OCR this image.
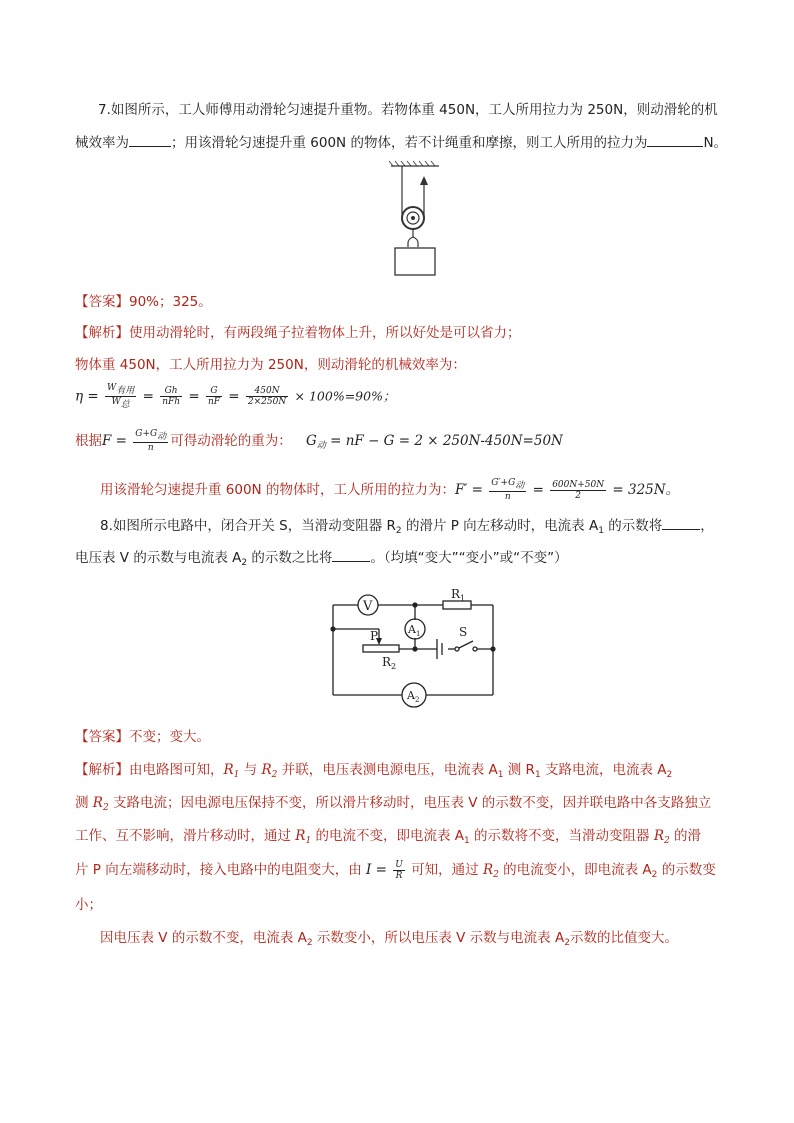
7.如图所示，工人师傅用动滑轮匀速提升重物。若物体重 450N，工人所用拉力为 250N，则动滑轮的机
械效率为	；用该滑轮匀速提升重 600N 的物体，若不计绳重和摩擦，则工人所用的拉力为	N。
【答案】90%；325。
【解析】使用动滑轮时，有两段绳子拉着物体上升，所以好处是可以省力；
物体重 450N，工人所用拉力为 250N，则动滑轮的机械效率为：
$\eta = \frac{\text{W有用}}{\text{W总}} = \frac{Gh}{\text{nFh}} = \frac{G}{nF} = \frac{450N}{2\times 250N} \times 100\%=90\%$；
根据$F = \frac{\text{G+G动}}{n}$ 可得动滑轮的重为： $G_动$ = nF − G = 2 × 250N-450N=50N
用该滑轮匀速提升重 600N 的物体时，工人所用的拉力为：$F' = \frac{\text{G′+G动}}{n} = \frac{600N+50N}{2} = 325N$。
8.如图所示电路中，闭合开关 S，当滑动变阻器 $R_2$ 的滑片 P 向左移动时，电流表 $A_1$ 的示数将	，
电压表 V 的示数与电流表 $A_2$ 的示数之比将	。（均填“变大”“变小”或“不变”）
V
$R_1$
$A_1$	S
P
$R_2$
$A_2$
【答案】不变；变大。
【解析】由电路图可知，$R_1$ 与 $R_2$ 并联，电压表测电源电压，电流表 $A_1$ 测 $R_1$ 支路电流，电流表 $A_2$
测 $R_2$ 支路电流；因电源电压保持不变，所以滑片移动时，电压表 V 的示数不变，因并联电路中各支路独立
工作、互不影响，滑片移动时，通过 $R_1$ 的电流不变，即电流表 $A_1$ 的示数将不变，当滑动变阻器 $R_2$ 的滑
片 P 向左端移动时，接入电路中的电阻变大，由 $I = \frac{U}{R}$ 可知，通过 $R_2$ 的电流变小，即电流表 $A_2$ 的示数变
小；
因电压表 V 的示数不变，电流表 $A_2$ 示数变小，所以电压表 V 示数与电流表 $A_2$示数的比值变大。
